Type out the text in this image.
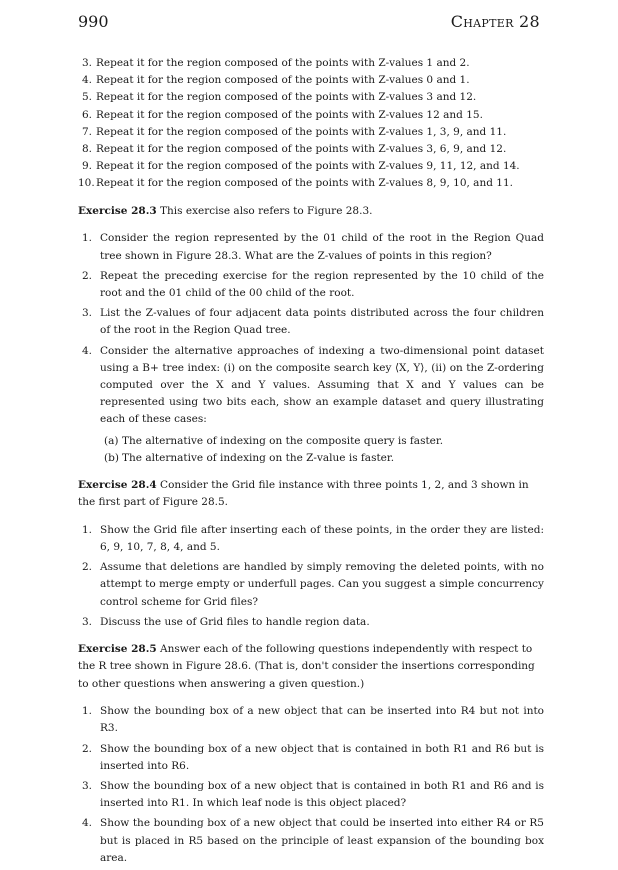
990	Chapter 28
3. Repeat it for the region composed of the points with Z-values 1 and 2.
4. Repeat it for the region composed of the points with Z-values 0 and 1.
5. Repeat it for the region composed of the points with Z-values 3 and 12.
6. Repeat it for the region composed of the points with Z-values 12 and 15.
7. Repeat it for the region composed of the points with Z-values 1, 3, 9, and 11.
8. Repeat it for the region composed of the points with Z-values 3, 6, 9, and 12.
9. Repeat it for the region composed of the points with Z-values 9, 11, 12, and 14.
10. Repeat it for the region composed of the points with Z-values 8, 9, 10, and 11.

Exercise 28.3 This exercise also refers to Figure 28.3.

1. Consider the region represented by the 01 child of the root in the Region Quad tree shown in Figure 28.3. What are the Z-values of points in this region?
2. Repeat the preceding exercise for the region represented by the 10 child of the root and the 01 child of the 00 child of the root.
3. List the Z-values of four adjacent data points distributed across the four children of the root in the Region Quad tree.
4. Consider the alternative approaches of indexing a two-dimensional point dataset using a B+ tree index: (i) on the composite search key ⟨X, Y⟩, (ii) on the Z-ordering computed over the X and Y values. Assuming that X and Y values can be represented using two bits each, show an example dataset and query illustrating each of these cases:
(a) The alternative of indexing on the composite query is faster.
(b) The alternative of indexing on the Z-value is faster.

Exercise 28.4 Consider the Grid file instance with three points 1, 2, and 3 shown in the first part of Figure 28.5.

1. Show the Grid file after inserting each of these points, in the order they are listed: 6, 9, 10, 7, 8, 4, and 5.
2. Assume that deletions are handled by simply removing the deleted points, with no attempt to merge empty or underfull pages. Can you suggest a simple concurrency control scheme for Grid files?
3. Discuss the use of Grid files to handle region data.

Exercise 28.5 Answer each of the following questions independently with respect to the R tree shown in Figure 28.6. (That is, don't consider the insertions corresponding to other questions when answering a given question.)

1. Show the bounding box of a new object that can be inserted into R4 but not into R3.
2. Show the bounding box of a new object that is contained in both R1 and R6 but is inserted into R6.
3. Show the bounding box of a new object that is contained in both R1 and R6 and is inserted into R1. In which leaf node is this object placed?
4. Show the bounding box of a new object that could be inserted into either R4 or R5 but is placed in R5 based on the principle of least expansion of the bounding box area.
